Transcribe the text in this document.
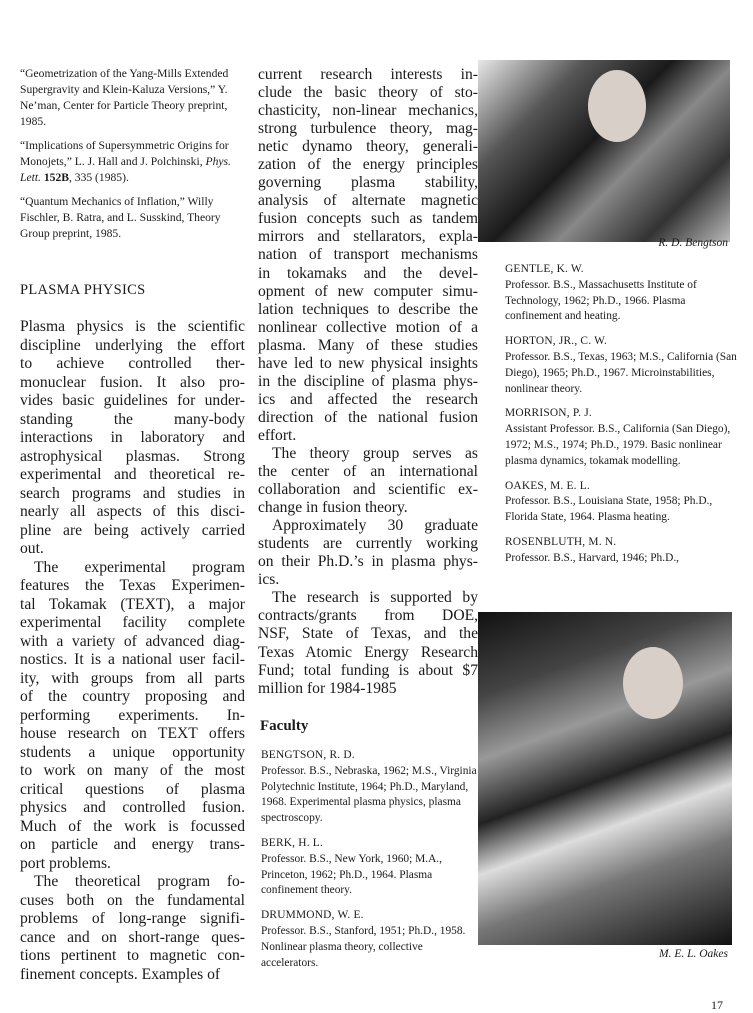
“Geometrization of the Yang-Mills Extended Supergravity and Klein-Kaluza Versions,” Y. Ne’man, Center for Particle Theory preprint, 1985.

“Implications of Supersymmetric Origins for Monojets,” L. J. Hall and J. Polchinski, Phys. Lett. 152B, 335 (1985).

“Quantum Mechanics of Inflation,” Willy Fischler, B. Ratra, and L. Susskind, Theory Group preprint, 1985.

PLASMA PHYSICS
Plasma physics is the scientific
discipline underlying the effort
to achieve controlled ther-
monuclear fusion. It also pro-
vides basic guidelines for under-
standing the many-body
interactions in laboratory and
astrophysical plasmas. Strong
experimental and theoretical re-
search programs and studies in
nearly all aspects of this disci-
pline are being actively carried
out.
The experimental program
features the Texas Experimen-
tal Tokamak (TEXT), a major
experimental facility complete
with a variety of advanced diag-
nostics. It is a national user facil-
ity, with groups from all parts
of the country proposing and
performing experiments. In-
house research on TEXT offers
students a unique opportunity
to work on many of the most
critical questions of plasma
physics and controlled fusion.
Much of the work is focussed
on particle and energy trans-
port problems.
The theoretical program fo-
cuses both on the fundamental
problems of long-range signifi-
cance and on short-range ques-
tions pertinent to magnetic con-
finement concepts. Examples of
current research interests in-
clude the basic theory of sto-
chasticity, non-linear mechanics,
strong turbulence theory, mag-
netic dynamo theory, generali-
zation of the energy principles
governing plasma stability,
analysis of alternate magnetic
fusion concepts such as tandem
mirrors and stellarators, expla-
nation of transport mechanisms
in tokamaks and the devel-
opment of new computer simu-
lation techniques to describe the
nonlinear collective motion of a
plasma. Many of these studies
have led to new physical insights
in the discipline of plasma phys-
ics and affected the research
direction of the national fusion
effort.
The theory group serves as
the center of an international
collaboration and scientific ex-
change in fusion theory.
Approximately 30 graduate
students are currently working
on their Ph.D.’s in plasma phys-
ics.
The research is supported by
contracts/grants from DOE,
NSF, State of Texas, and the
Texas Atomic Energy Research
Fund; total funding is about $7
million for 1984-1985
Faculty
BENGTSON, R. D.
Professor. B.S., Nebraska, 1962; M.S., Virginia Polytechnic Institute, 1964; Ph.D., Maryland, 1968. Experimental plasma physics, plasma spectroscopy.
BERK, H. L.
Professor. B.S., New York, 1960; M.A., Princeton, 1962; Ph.D., 1964. Plasma confinement theory.
DRUMMOND, W. E.
Professor. B.S., Stanford, 1951; Ph.D., 1958. Nonlinear plasma theory, collective accelerators.
GENTLE, K. W.
Professor. B.S., Massachusetts Institute of Technology, 1962; Ph.D., 1966. Plasma confinement and heating.
HORTON, JR., C. W.
Professor. B.S., Texas, 1963; M.S., California (San Diego), 1965; Ph.D., 1967. Microinstabilities, nonlinear theory.
MORRISON, P. J.
Assistant Professor. B.S., California (San Diego), 1972; M.S., 1974; Ph.D., 1979. Basic nonlinear plasma dynamics, tokamak modelling.
OAKES, M. E. L.
Professor. B.S., Louisiana State, 1958; Ph.D., Florida State, 1964. Plasma heating.
ROSENBLUTH, M. N.
Professor. B.S., Harvard, 1946; Ph.D.,
R. D. Bengtson
M. E. L. Oakes
17
